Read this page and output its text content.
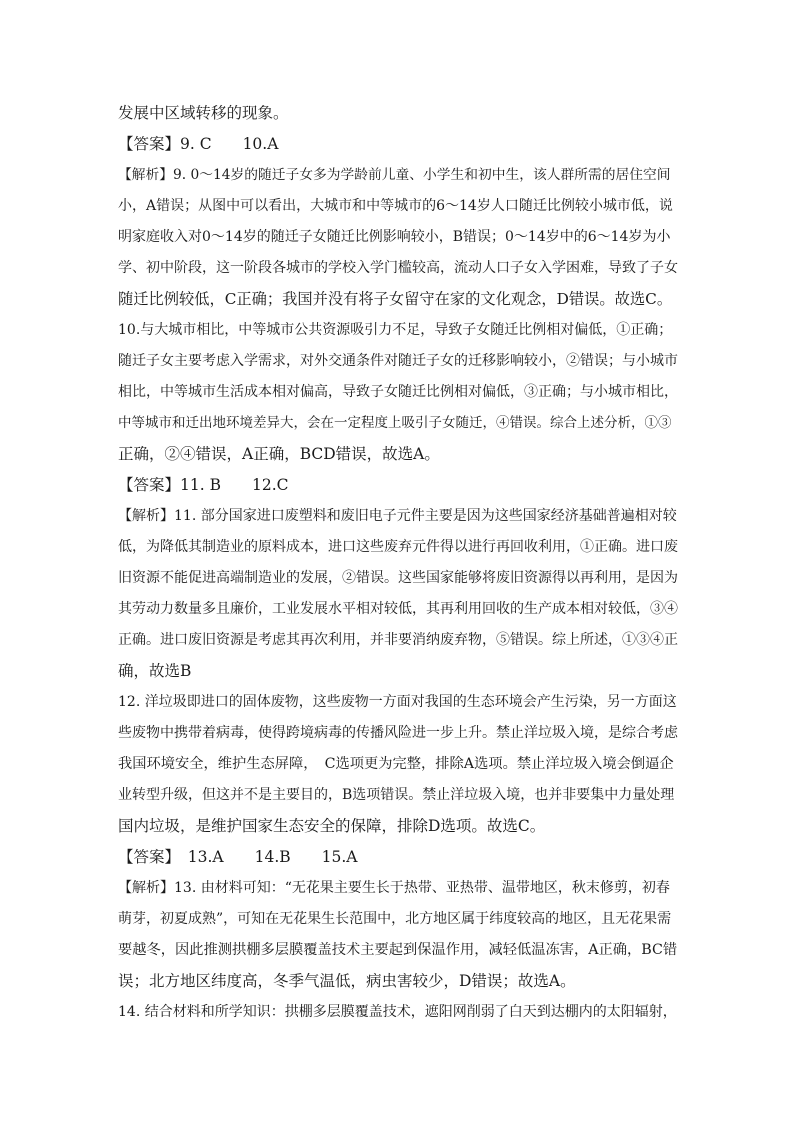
发展中区域转移的现象。
【答案】9. C　　10.A
【解析】9. 0～14岁的随迁子女多为学龄前儿童、小学生和初中生，该人群所需的居住空间
小，A错误；从图中可以看出，大城市和中等城市的6～14岁人口随迁比例较小城市低，说
明家庭收入对0～14岁的随迁子女随迁比例影响较小，B错误；0～14岁中的6～14岁为小
学、初中阶段，这一阶段各城市的学校入学门槛较高，流动人口子女入学困难，导致了子女
随迁比例较低，C正确；我国并没有将子女留守在家的文化观念，D错误。故选C。
10.与大城市相比，中等城市公共资源吸引力不足，导致子女随迁比例相对偏低，①正确；
随迁子女主要考虑入学需求，对外交通条件对随迁子女的迁移影响较小，②错误；与小城市
相比，中等城市生活成本相对偏高，导致子女随迁比例相对偏低，③正确；与小城市相比，
中等城市和迁出地环境差异大，会在一定程度上吸引子女随迁，④错误。综合上述分析，①③
正确，②④错误，A正确，BCD错误，故选A。
【答案】11. B　　12.C
【解析】11. 部分国家进口废塑料和废旧电子元件主要是因为这些国家经济基础普遍相对较
低，为降低其制造业的原料成本，进口这些废弃元件得以进行再回收利用，①正确。进口废
旧资源不能促进高端制造业的发展，②错误。这些国家能够将废旧资源得以再利用，是因为
其劳动力数量多且廉价，工业发展水平相对较低，其再利用回收的生产成本相对较低，③④
正确。进口废旧资源是考虑其再次利用，并非要消纳废弃物，⑤错误。综上所述，①③④正
确，故选B
12. 洋垃圾即进口的固体废物，这些废物一方面对我国的生态环境会产生污染，另一方面这
些废物中携带着病毒，使得跨境病毒的传播风险进一步上升。禁止洋垃圾入境，是综合考虑
我国环境安全，维护生态屏障，　C选项更为完整，排除A选项。禁止洋垃圾入境会倒逼企
业转型升级，但这并不是主要目的，B选项错误。禁止洋垃圾入境，也并非要集中力量处理
国内垃圾，是维护国家生态安全的保障，排除D选项。故选C。
【答案】　13.A　　14.B　　15.A
【解析】13. 由材料可知：“无花果主要生长于热带、亚热带、温带地区，秋末修剪，初春
萌芽，初夏成熟”，可知在无花果生长范围中，北方地区属于纬度较高的地区，且无花果需
要越冬，因此推测拱棚多层膜覆盖技术主要起到保温作用，减轻低温冻害，A正确，BC错
误；北方地区纬度高，冬季气温低，病虫害较少，D错误；故选A。
14. 结合材料和所学知识：拱棚多层膜覆盖技术，遮阳网削弱了白天到达棚内的太阳辐射，
